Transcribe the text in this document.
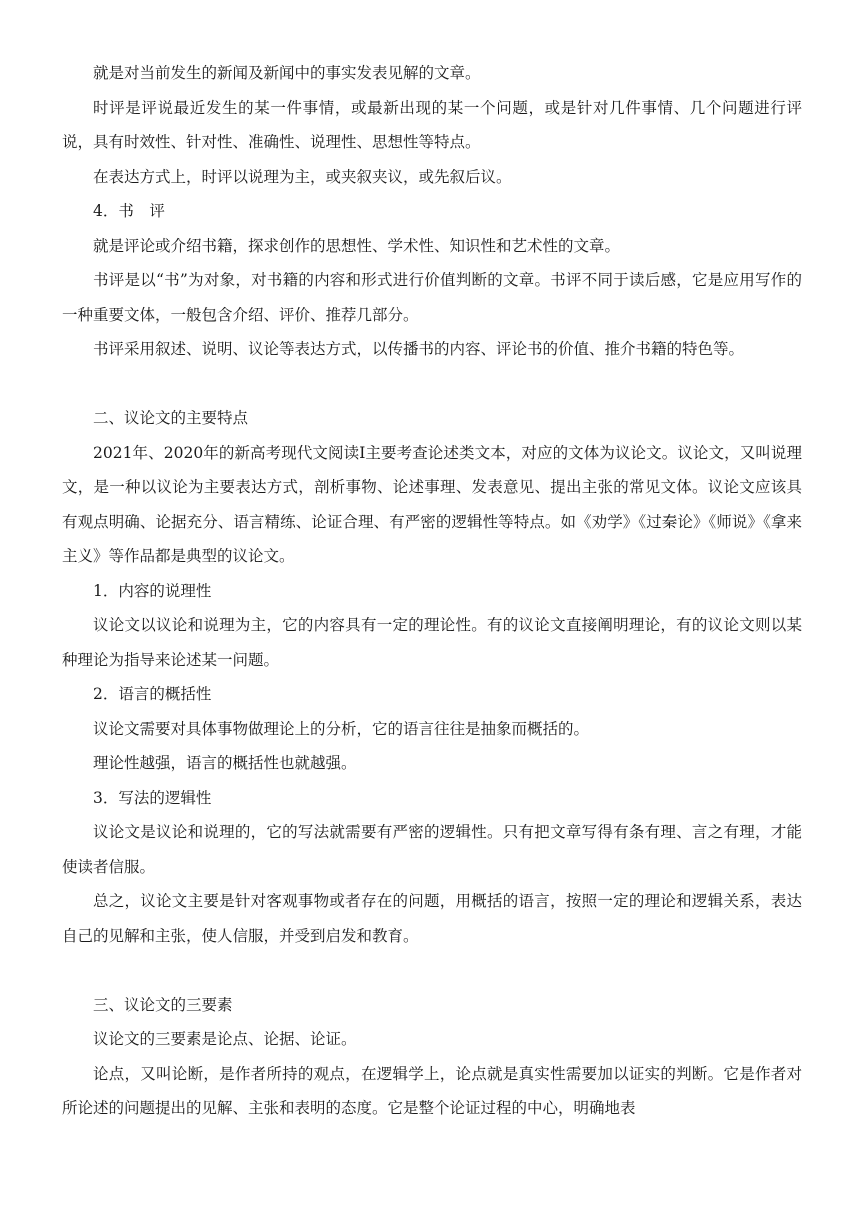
就是对当前发生的新闻及新闻中的事实发表见解的文章。

时评是评说最近发生的某一件事情，或最新出现的某一个问题，或是针对几件事情、几个问题进行评说，具有时效性、针对性、准确性、说理性、思想性等特点。

在表达方式上，时评以说理为主，或夹叙夹议，或先叙后议。

4．书　评

就是评论或介绍书籍，探求创作的思想性、学术性、知识性和艺术性的文章。

书评是以“书”为对象，对书籍的内容和形式进行价值判断的文章。书评不同于读后感，它是应用写作的一种重要文体，一般包含介绍、评价、推荐几部分。

书评采用叙述、说明、议论等表达方式，以传播书的内容、评论书的价值、推介书籍的特色等。

二、议论文的主要特点

2021年、2020年的新高考现代文阅读Ⅰ主要考查论述类文本，对应的文体为议论文。议论文，又叫说理文，是一种以议论为主要表达方式，剖析事物、论述事理、发表意见、提出主张的常见文体。议论文应该具有观点明确、论据充分、语言精练、论证合理、有严密的逻辑性等特点。如《劝学》《过秦论》《师说》《拿来主义》等作品都是典型的议论文。

1．内容的说理性

议论文以议论和说理为主，它的内容具有一定的理论性。有的议论文直接阐明理论，有的议论文则以某种理论为指导来论述某一问题。

2．语言的概括性

议论文需要对具体事物做理论上的分析，它的语言往往是抽象而概括的。

理论性越强，语言的概括性也就越强。

3．写法的逻辑性

议论文是议论和说理的，它的写法就需要有严密的逻辑性。只有把文章写得有条有理、言之有理，才能使读者信服。

总之，议论文主要是针对客观事物或者存在的问题，用概括的语言，按照一定的理论和逻辑关系，表达自己的见解和主张，使人信服，并受到启发和教育。

三、议论文的三要素

议论文的三要素是论点、论据、论证。

论点，又叫论断，是作者所持的观点，在逻辑学上，论点就是真实性需要加以证实的判断。它是作者对所论述的问题提出的见解、主张和表明的态度。它是整个论证过程的中心，明确地表
